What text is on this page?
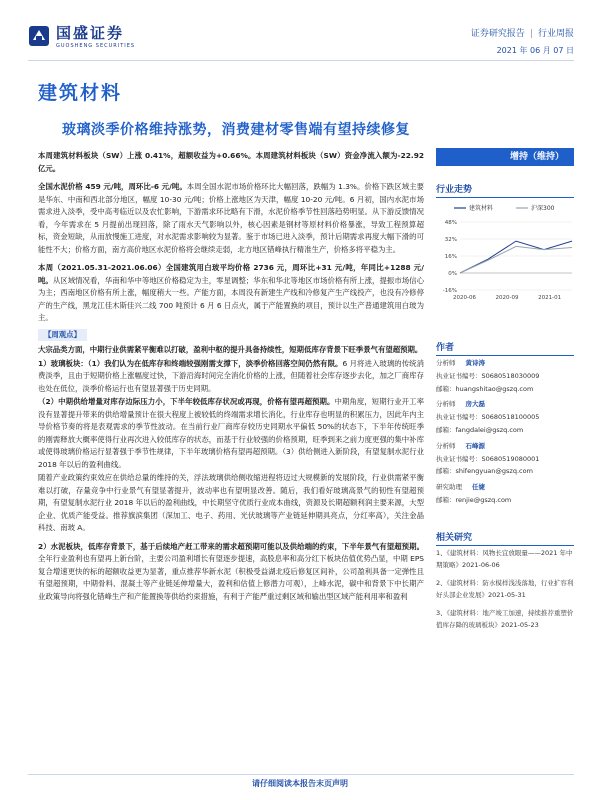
国盛证券
GUOSHENG SECURITIES
证券研究报告 | 行业周报
2021 年 06 月 07 日
建筑材料
玻璃淡季价格维持涨势，消费建材零售端有望持续修复

本周建筑材料板块（SW）上涨 0.41%，超额收益为+0.66%。本周建筑材料板块（SW）资金净流入额为-22.92 亿元。

全国水泥价格 459 元/吨，周环比-6 元/吨。本周全国水泥市场价格环比大幅回落，跌幅为 1.3%。价格下跌区域主要是华东、中南和西北部分地区，幅度 10-30 元/吨；价格上涨地区为天津，幅度 10-20 元/吨。6 月初，国内水泥市场需求进入淡季，受中高考临近以及农忙影响，下游需求环比略有下滑，水泥价格季节性回落趋势明显。从下游反馈情况看，今年需求在 5 月提前出现回落，除了雨水天气影响以外，核心因素是钢材等原材料价格暴涨，导致工程预算超标，资金短缺，从而放慢施工进度，对水泥需求影响较为显著。鉴于市场已进入淡季，预计后期需求再度大幅下滑的可能性不大；价格方面，南方高价地区水泥价格将会继续走弱，北方地区错峰执行精准生产，价格多将平稳为主。

本周（2021.05.31-2021.06.06）全国建筑用白玻平均价格 2736 元，周环比+31 元/吨，年同比+1288 元/吨。从区域情况看，华南和华中等地区价格稳定为主，零星调整；华东和华北等地区市场价格有所上涨，提振市场信心为主；西南地区价格有所上涨，幅度稍大一些。产能方面，本周没有新建生产线和冷修复产生产线投产，也没有冷修停产的生产线，黑龙江佳木斯佳兴二线 700 吨预计 6 月 6 日点火，属于产能置换的项目，预计以生产普通建筑用白玻为主。

【周观点】

大宗品类方面，中期行业供需紧平衡难以打破，盈利中枢的提升具备持续性，短期低库存背景下旺季景气有望超预期。

1）玻璃板块：（1）我们认为在低库存和终端较强刚需支撑下，淡季价格回落空间仍然有限。6 月将进入玻璃的传统消费淡季，且由于短期价格上涨幅度过快，下游沿海时间完全消化价格的上涨，但随着社会库存逐步去化，加之厂商库存也处在低位，淡季价格运行也有望显著强于历史同期。

（2）中期供给增量对库存边际压力小，下半年较低库存状况或再现，价格有望再超预期。中期角度，短期行业开工率没有显著提升带来的供给增量预计在很大程度上被较低的终端需求增长消化，行业库存也明显的积累压力，因此年内主导价格节奏的将是表观需求的季节性波动。在当前行业厂商库存较历史同期水平偏低 50%的状态下，下半年传统旺季的刚需释放大概率使得行业再次进入较低库存的状态，而基于行业较强的价格预期，旺季到来之前力度更强的集中补库或使得玻璃价格运行显著强于季节性规律，下半年玻璃价格有望再超预期。（3）供给侧进入新阶段，有望复制水泥行业 2018 年以后的盈利曲线。

随着产业政策约束效应在供给总量的维持的关，浮法玻璃供给侧收缩进程将迈过大规模新的发展阶段，行业供需紧平衡难以打破，存量竞争中行业景气有望显著提升，波动率也有望明显改善。随后，我们看好玻璃高景气的韧性有望超预期，有望复制水泥行业 2018 年以后的盈利曲线，中长期坚守优质行业成本曲线，资源及长期超额利润主要来源，大型企业、优质产能受益。推荐旗滨集团（深加工、电子、药用、光伏玻璃等产业链延伸期具亮点，分红率高），关注金晶科技、南玻 A。

2）水泥板块，低库存背景下，基于后续地产赶工带来的需求超预期可能以及供给端的约束，下半年景气有望超预期。全年行业盈利也有望再上新台阶，主要公司盈利增长有望逐步提速，高股息率和高分红下板块估值优势凸显，中期 EPS 复合增速更快的标的超额收益更为显著，重点推荐华新水泥（积极受益湖北疫后修复区间补，公司盈利具备一定弹性且有望超预期，中期骨料、混凝土等产业链延伸增量大，盈利和估值上修潜力可观），上峰水泥，碳中和背景下中长期产业政策导向将强化错峰生产和产能置换等供给约束措施，有利于产能严重过剩区域和输出型区域产能利用率和盈利

增持（维持）
行业走势
建筑材料	沪深300
48%
32%
16%
0%
-16%
2020-06	2020-09	2021-01
作者
分析师 黄诗涛
执业证书编号：S0680518030009
邮箱：huangshitao@gszq.com
分析师 房大磊
执业证书编号：S0680518100005
邮箱：fangdalei@gszq.com
分析师 石峰源
执业证书编号：S0680519080001
邮箱：shifengyuan@gszq.com
研究助理 任婕
邮箱：renjie@gszq.com
相关研究
1、《建筑材料：风物长宜放眼量——2021 年中期策略》2021-06-06
2、《建筑材料：防水模样浅浅落地，行业扩容利好头部企业发展》2021-05-31
3、《建筑材料：地产竣工加速，持续推荐重塑价值库存降的玻璃板块》2021-05-23
请仔细阅读本报告末页声明
